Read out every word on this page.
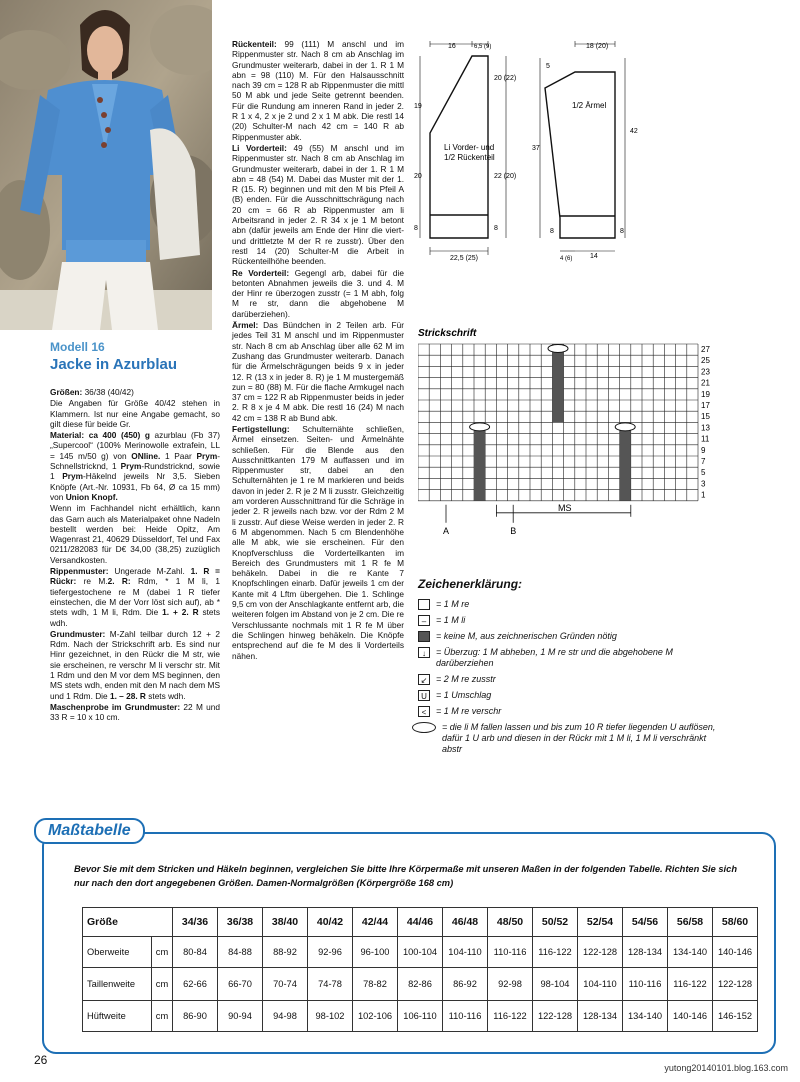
Modell 16
Jacke in Azurblau

Größen: 36/38 (40/42)

Die Angaben für Größe 40/42 stehen in Klammern. Ist nur eine Angabe gemacht, so gilt diese für beide Gr.

Material: ca 400 (450) g azurblau (Fb 37) „Supercool“ (100% Merinowolle extrafein, LL = 145 m/50 g) von ONline. 1 Paar Prym-Schnellstricknd, 1 Prym-Rundstricknd, sowie 1 Prym-Häkelnd jeweils Nr 3,5. Sieben Knöpfe (Art.-Nr. 10931, Fb 64, Ø ca 15 mm) von Union Knopf.

Wenn im Fachhandel nicht erhältlich, kann das Garn auch als Materialpaket ohne Nadeln bestellt werden bei: Heide Opitz, Am Wagenrast 21, 40629 Düsseldorf, Tel und Fax 0211/282083 für D€ 34,00 (38,25) zuzüglich Versandkosten.

Rippenmuster: Ungerade M-Zahl. 1. R = Rückr: re M.2. R: Rdm, * 1 M li, 1 tiefergestochene re M (dabei 1 R tiefer einstechen, die M der Vorr löst sich auf), ab * stets wdh, 1 M li, Rdm. Die 1. + 2. R stets wdh.

Grundmuster: M-Zahl teilbar durch 12 + 2 Rdm. Nach der Strickschrift arb. Es sind nur Hinr gezeichnet, in den Rückr die M str, wie sie erscheinen, re verschr M li verschr str. Mit 1 Rdm und den M vor dem MS beginnen, den MS stets wdh, enden mit den M nach dem MS und 1 Rdm. Die 1. – 28. R stets wdh.

Maschenprobe im Grundmuster: 22 M und 33 R = 10 x 10 cm.

Rückenteil: 99 (111) M anschl und im Rippenmuster str. Nach 8 cm ab Anschlag im Grundmuster weiterarb, dabei in der 1. R 1 M abn = 98 (110) M. Für den Halsausschnitt nach 39 cm = 128 R ab Rippenmuster die mittl 50 M abk und jede Seite getrennt beenden. Für die Rundung am inneren Rand in jeder 2. R 1 x 4, 2 x je 2 und 2 x 1 M abk. Die restl 14 (20) Schulter-M nach 42 cm = 140 R ab Rippenmuster abk.

Li Vorderteil: 49 (55) M anschl und im Rippenmuster str. Nach 8 cm ab Anschlag im Grundmuster weiterarb, dabei in der 1. R 1 M abn = 48 (54) M. Dabei das Muster mit der 1. R (15. R) beginnen und mit den M bis Pfeil A (B) enden. Für die Ausschnittschrägung nach 20 cm = 66 R ab Rippenmuster am li Arbeitsrand in jeder 2. R 34 x je 1 M betont abn (dafür jeweils am Ende der Hinr die viert- und drittletzte M der R re zusstr). Über den restl 14 (20) Schulter-M die Arbeit in Rückenteilhöhe beenden.

Re Vorderteil: Gegengl arb, dabei für die betonten Abnahmen jeweils die 3. und 4. M der Hinr re überzogen zusstr (= 1 M abh, folg M re str, dann die abgehobene M darüberziehen).

Ärmel: Das Bündchen in 2 Teilen arb. Für jedes Teil 31 M anschl und im Rippenmuster str. Nach 8 cm ab Anschlag über alle 62 M im Zushang das Grundmuster weiterarb. Danach für die Ärmelschrägungen beids 9 x in jeder 12. R (13 x in jeder 8. R) je 1 M mustergemäß zun = 80 (88) M. Für die flache Armkugel nach 37 cm = 122 R ab Rippenmuster beids in jeder 2. R 8 x je 4 M abk. Die restl 16 (24) M nach 42 cm = 138 R ab Bund abk.

Fertigstellung: Schulternähte schließen, Ärmel einsetzen. Seiten- und Ärmelnähte schließen. Für die Blende aus den Ausschnittkanten 179 M auffassen und im Rippenmuster str, dabei an den Schulternähten je 1 re M markieren und beids davon in jeder 2. R je 2 M li zusstr. Gleichzeitig am vorderen Ausschnittrand für die Schräge in jeder 2. R jeweils nach bzw. vor der Rdm 2 M li zusstr. Auf diese Weise werden in jeder 2. R 6 M abgenommen. Nach 5 cm Blendenhöhe alle M abk, wie sie erscheinen. Für den Knopfverschluss die Vorderteilkanten im Bereich des Grundmusters mit 1 R fe M behäkeln. Dabei in die re Kante 7 Knopfschlingen einarb. Dafür jeweils 1 cm der Kante mit 4 Lftm übergehen. Die 1. Schlinge 9,5 cm von der Anschlagkante entfernt arb, die weiteren folgen im Abstand von je 2 cm. Die re Verschlussante nochmals mit 1 R fe M über die Schlingen hinweg behäkeln. Die Knöpfe entsprechend auf die fe M des li Vorderteils nähen.

16	6,5 (9)
20 (22)
19
20	22 (20)
8	8
22,5 (25)
Li Vorder- und
1/2 Rückenteil
18 (20)
5
1/2 Ärmel
37
42
8	8
4 (6)	14
Strickschrift
27
25
23
21
19
17
15
13
11
9
7
5
3
1
A	B
MS
Zeichenerklärung:
= 1 M re
–	= 1 M li
= keine M, aus zeichnerischen Gründen nötig
↓	= Überzug: 1 M abheben, 1 M re str und die abgehobene M darüberziehen
↙ = 2 M re zusstr
U	= 1 Umschlag
<	= 1 M re verschr
= die li M fallen lassen und bis zum 10 R tiefer liegenden U auflösen, dafür 1 U arb und diesen in der Rückr mit 1 M li, 1 M li verschränkt abstr
Bevor Sie mit dem Stricken und Häkeln beginnen, vergleichen Sie bitte Ihre Körpermaße mit unseren Maßen in der folgenden Tabelle. Richten Sie sich nur nach den dort angegebenen Größen. Damen-Normalgrößen (Körpergröße 168 cm)
Größe		34/36	36/38	38/40	40/42	42/44	44/46	46/48	48/50	50/52	52/54	54/56	56/58	58/60
Oberweite	cm	80-84	84-88	88-92	92-96	96-100	100-104	104-110	110-116	116-122	122-128	128-134	134-140	140-146
Taillenweite	cm	62-66	66-70	70-74	74-78	78-82	82-86	86-92	92-98	98-104	104-110	110-116	116-122	122-128
Hüftweite	cm	86-90	90-94	94-98	98-102	102-106	106-110	110-116	116-122	122-128	128-134	134-140	140-146	146-152
Maßtabelle
26
yutong20140101.blog.163.com
